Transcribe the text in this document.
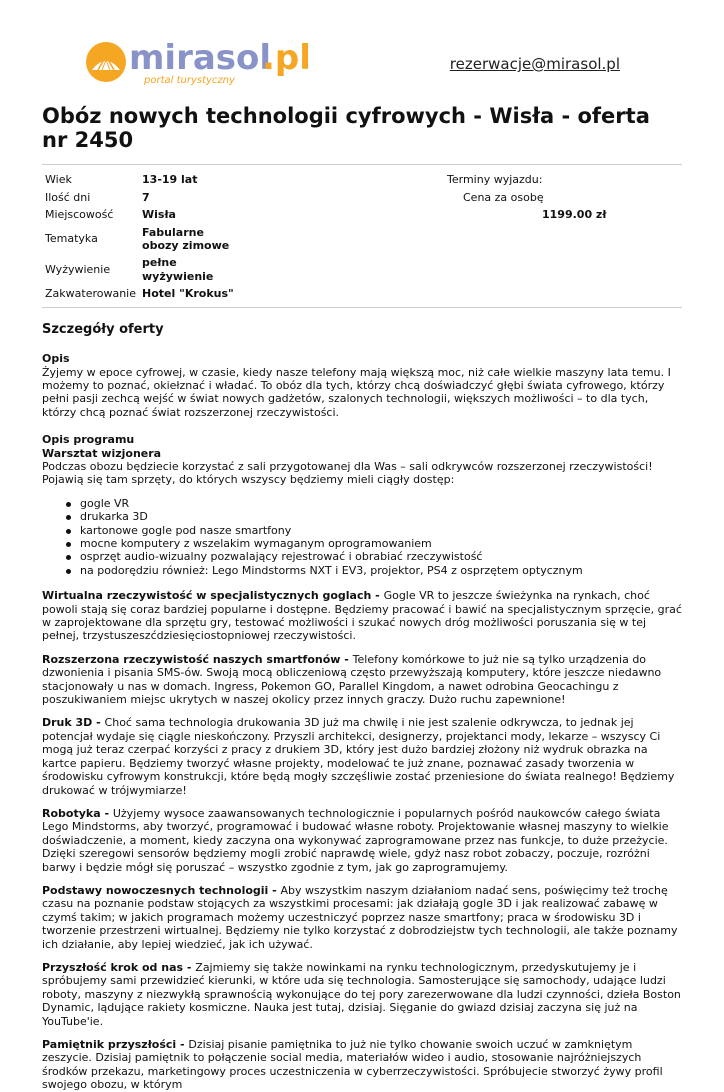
mirasol
.pl
portal turystyczny
rezerwacje@mirasol.pl
Obóz nowych technologii cyfrowych - Wisła - oferta nr 2450
Wiek	13-19 lat
Ilość dni	7
Miejscowość	Wisła
Tematyka	Fabularne obozy zimowe
Wyżywienie	pełne wyżywienie
Zakwaterowanie	Hotel "Krokus"
Terminy wyjazdu:
Cena za osobę
1199.00 zł
Szczegóły oferty
Opis

Żyjemy w epoce cyfrowej, w czasie, kiedy nasze telefony mają większą moc, niż całe wielkie maszyny lata temu. I możemy to poznać, okiełznać i władać. To obóz dla tych, którzy chcą doświadczyć głębi świata cyfrowego, którzy pełni pasji zechcą wejść w świat nowych gadżetów, szalonych technologii, większych możliwości – to dla tych, którzy chcą poznać świat rozszerzonej rzeczywistości.

Opis programu
Warsztat wizjonera

Podczas obozu będziecie korzystać z sali przygotowanej dla Was – sali odkrywców rozszerzonej rzeczywistości! Pojawią się tam sprzęty, do których wszyscy będziemy mieli ciągły dostęp:

gogle VR
drukarka 3D
kartonowe gogle pod nasze smartfony
mocne komputery z wszelakim wymaganym oprogramowaniem
osprzęt audio-wizualny pozwalający rejestrować i obrabiać rzeczywistość
na podorędziu również: Lego Mindstorms NXT i EV3, projektor, PS4 z osprzętem optycznym

Wirtualna rzeczywistość w specjalistycznych goglach - Gogle VR to jeszcze świeżynka na rynkach, choć powoli stają się coraz bardziej popularne i dostępne. Będziemy pracować i bawić na specjalistycznym sprzęcie, grać w zaprojektowane dla sprzętu gry, testować możliwości i szukać nowych dróg możliwości poruszania się w tej pełnej, trzystuszeszćdziesięciostopniowej rzeczywistości.

Rozszerzona rzeczywistość naszych smartfonów - Telefony komórkowe to już nie są tylko urządzenia do dzwonienia i pisania SMS-ów. Swoją mocą obliczeniową często przewyższają komputery, które jeszcze niedawno stacjonowały u nas w domach. Ingress, Pokemon GO, Parallel Kingdom, a nawet odrobina Geocachingu z poszukiwaniem miejsc ukrytych w naszej okolicy przez innych graczy. Dużo ruchu zapewnione!

Druk 3D - Choć sama technologia drukowania 3D już ma chwilę i nie jest szalenie odkrywcza, to jednak jej potencjał wydaje się ciągle nieskończony. Przyszli architekci, designerzy, projektanci mody, lekarze – wszyscy Ci mogą już teraz czerpać korzyści z pracy z drukiem 3D, który jest dużo bardziej złożony niż wydruk obrazka na kartce papieru. Będziemy tworzyć własne projekty, modelować te już znane, poznawać zasady tworzenia w środowisku cyfrowym konstrukcji, które będą mogły szczęśliwie zostać przeniesione do świata realnego! Będziemy drukować w trójwymiarze!

Robotyka - Użyjemy wysoce zaawansowanych technologicznie i popularnych pośród naukowców całego świata Lego Mindstorms, aby tworzyć, programować i budować własne roboty. Projektowanie własnej maszyny to wielkie doświadczenie, a moment, kiedy zaczyna ona wykonywać zaprogramowane przez nas funkcje, to duże przeżycie. Dzięki szeregowi sensorów będziemy mogli zrobić naprawdę wiele, gdyż nasz robot zobaczy, poczuje, rozróżni barwy i będzie mógł się poruszać – wszystko zgodnie z tym, jak go zaprogramujemy.

Podstawy nowoczesnych technologii - Aby wszystkim naszym działaniom nadać sens, poświęcimy też trochę czasu na poznanie podstaw stojących za wszystkimi procesami: jak działają gogle 3D i jak realizować zabawę w czymś takim; w jakich programach możemy uczestniczyć poprzez nasze smartfony; praca w środowisku 3D i tworzenie przestrzeni wirtualnej. Będziemy nie tylko korzystać z dobrodziejstw tych technologii, ale także poznamy ich działanie, aby lepiej wiedzieć, jak ich używać.

Przyszłość krok od nas - Zajmiemy się także nowinkami na rynku technologicznym, przedyskutujemy je i spróbujemy sami przewidzieć kierunki, w które uda się technologia. Samosterujące się samochody, udające ludzi roboty, maszyny z niezwykłą sprawnością wykonujące do tej pory zarezerwowane dla ludzi czynności, dzieła Boston Dynamic, lądujące rakiety kosmiczne. Nauka jest tutaj, dzisiaj. Sięganie do gwiazd dzisiaj zaczyna się już na YouTube'ie.

Pamiętnik przyszłości - Dzisiaj pisanie pamiętnika to już nie tylko chowanie swoich uczuć w zamkniętym zeszycie. Dzisiaj pamiętnik to połączenie social media, materiałów wideo i audio, stosowanie najróżniejszych środków przekazu, marketingowy proces uczestniczenia w cyberrzeczywistości. Spróbujecie stworzyć żywy profil swojego obozu, w którym
